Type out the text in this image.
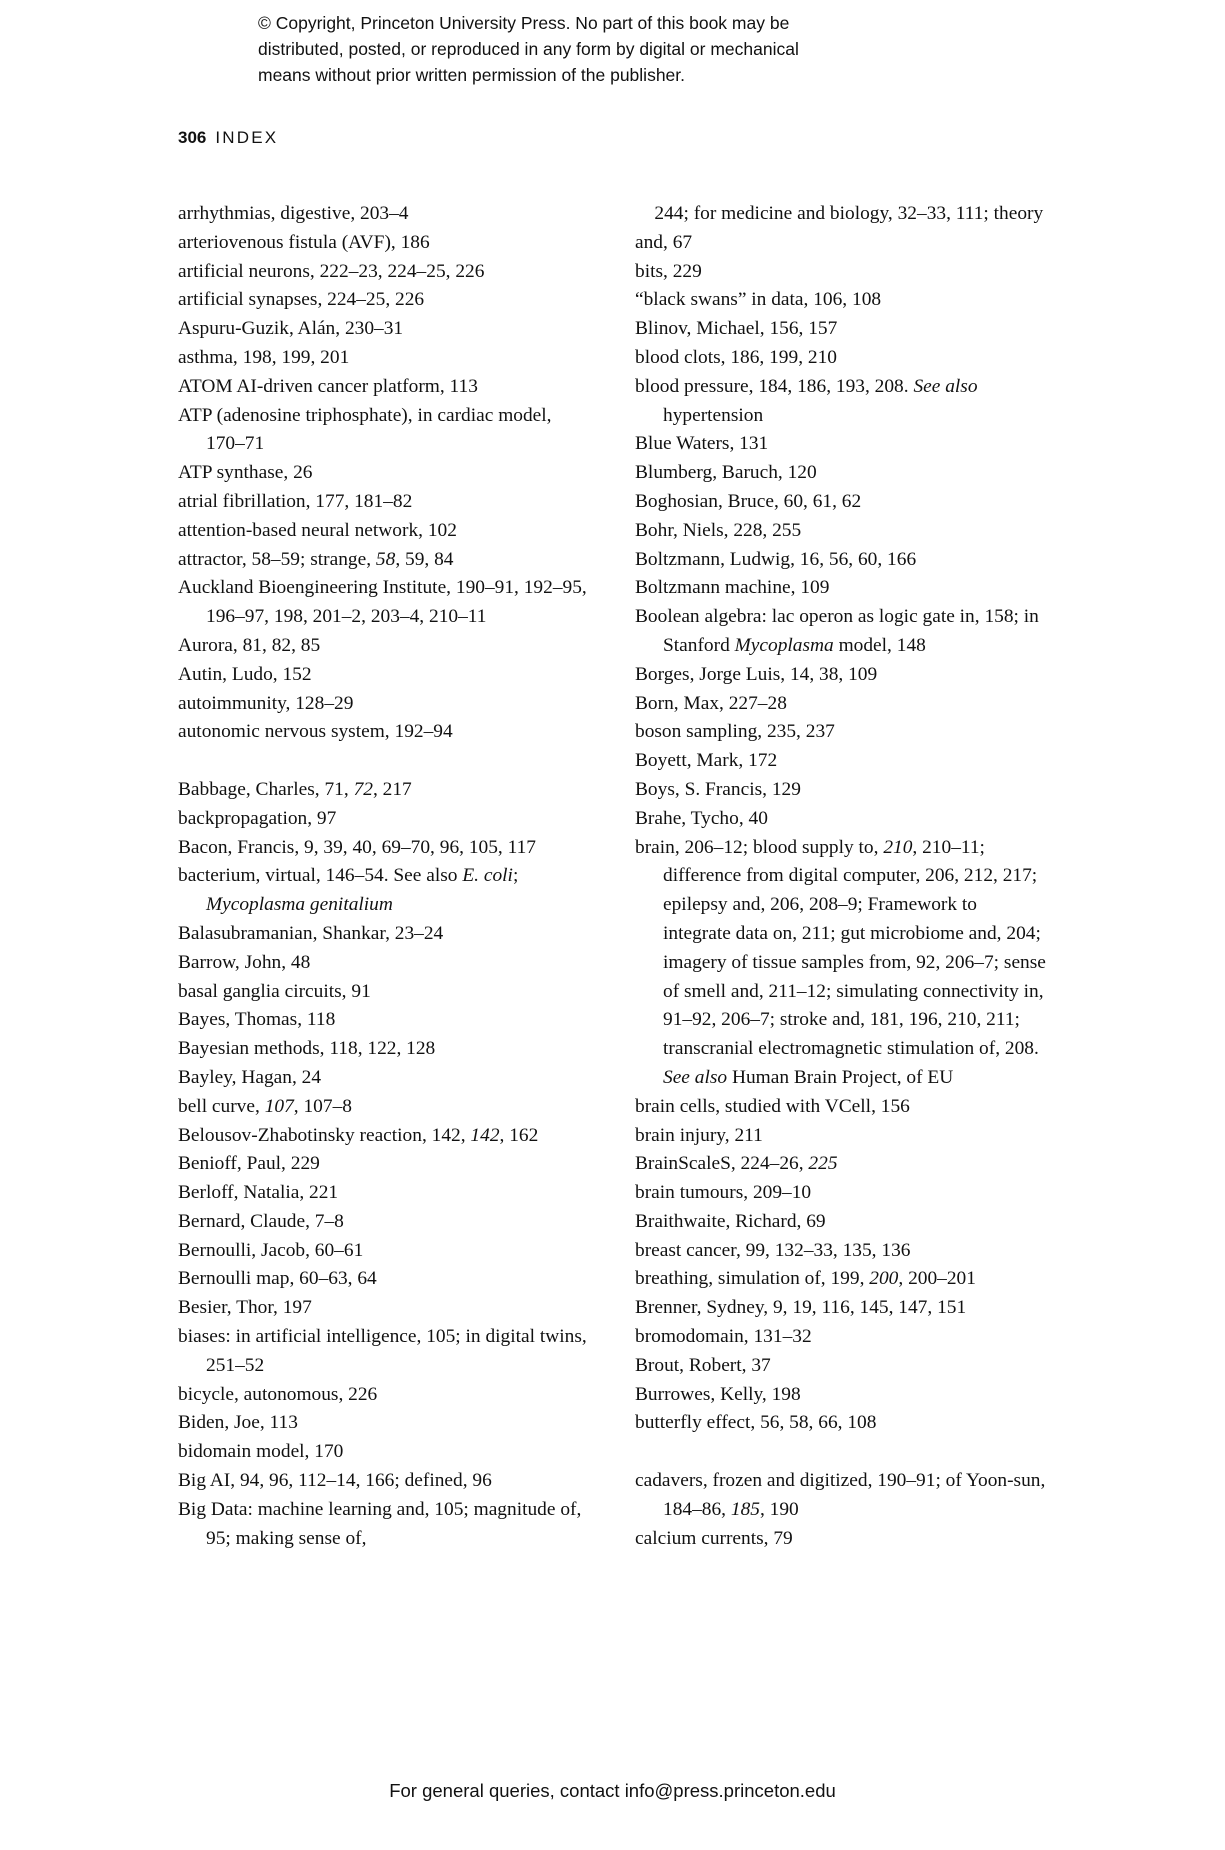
© Copyright, Princeton University Press. No part of this book may be
distributed, posted, or reproduced in any form by digital or mechanical
means without prior written permission of the publisher.
306 INDEX

arrhythmias, digestive, 203–4

arteriovenous fistula (AVF), 186

artificial neurons, 222–23, 224–25, 226

artificial synapses, 224–25, 226

Aspuru-Guzik, Alán, 230–31

asthma, 198, 199, 201

ATOM AI-driven cancer platform, 113

ATP (adenosine triphosphate), in cardiac model, 170–71

ATP synthase, 26

atrial fibrillation, 177, 181–82

attention-based neural network, 102

attractor, 58–59; strange, 58, 59, 84

Auckland Bioengineering Institute, 190–91, 192–95, 196–97, 198, 201–2, 203–4, 210–11

Aurora, 81, 82, 85

Autin, Ludo, 152

autoimmunity, 128–29

autonomic nervous system, 192–94

Babbage, Charles, 71, 72, 217

backpropagation, 97

Bacon, Francis, 9, 39, 40, 69–70, 96, 105, 117

bacterium, virtual, 146–54. See also E. coli; Mycoplasma genitalium

Balasubramanian, Shankar, 23–24

Barrow, John, 48

basal ganglia circuits, 91

Bayes, Thomas, 118

Bayesian methods, 118, 122, 128

Bayley, Hagan, 24

bell curve, 107, 107–8

Belousov-Zhabotinsky reaction, 142, 142, 162

Benioff, Paul, 229

Berloff, Natalia, 221

Bernard, Claude, 7–8

Bernoulli, Jacob, 60–61

Bernoulli map, 60–63, 64

Besier, Thor, 197

biases: in artificial intelligence, 105; in digital twins, 251–52

bicycle, autonomous, 226

Biden, Joe, 113

bidomain model, 170

Big AI, 94, 96, 112–14, 166; defined, 96

Big Data: machine learning and, 105; magnitude of, 95; making sense of,

244; for medicine and biology, 32–33, 111; theory and, 67

bits, 229

“black swans” in data, 106, 108

Blinov, Michael, 156, 157

blood clots, 186, 199, 210

blood pressure, 184, 186, 193, 208. See also hypertension

Blue Waters, 131

Blumberg, Baruch, 120

Boghosian, Bruce, 60, 61, 62

Bohr, Niels, 228, 255

Boltzmann, Ludwig, 16, 56, 60, 166

Boltzmann machine, 109

Boolean algebra: lac operon as logic gate in, 158; in Stanford Mycoplasma model, 148

Borges, Jorge Luis, 14, 38, 109

Born, Max, 227–28

boson sampling, 235, 237

Boyett, Mark, 172

Boys, S. Francis, 129

Brahe, Tycho, 40

brain, 206–12; blood supply to, 210, 210–11; difference from digital computer, 206, 212, 217; epilepsy and, 206, 208–9; Framework to integrate data on, 211; gut microbiome and, 204; imagery of tissue samples from, 92, 206–7; sense of smell and, 211–12; simulating connectivity in, 91–92, 206–7; stroke and, 181, 196, 210, 211; transcranial electromagnetic stimulation of, 208. See also Human Brain Project, of EU

brain cells, studied with VCell, 156

brain injury, 211

BrainScaleS, 224–26, 225

brain tumours, 209–10

Braithwaite, Richard, 69

breast cancer, 99, 132–33, 135, 136

breathing, simulation of, 199, 200, 200–201

Brenner, Sydney, 9, 19, 116, 145, 147, 151

bromodomain, 131–32

Brout, Robert, 37

Burrowes, Kelly, 198

butterfly effect, 56, 58, 66, 108

cadavers, frozen and digitized, 190–91; of Yoon-sun, 184–86, 185, 190

calcium currents, 79

For general queries, contact info@press.princeton.edu
